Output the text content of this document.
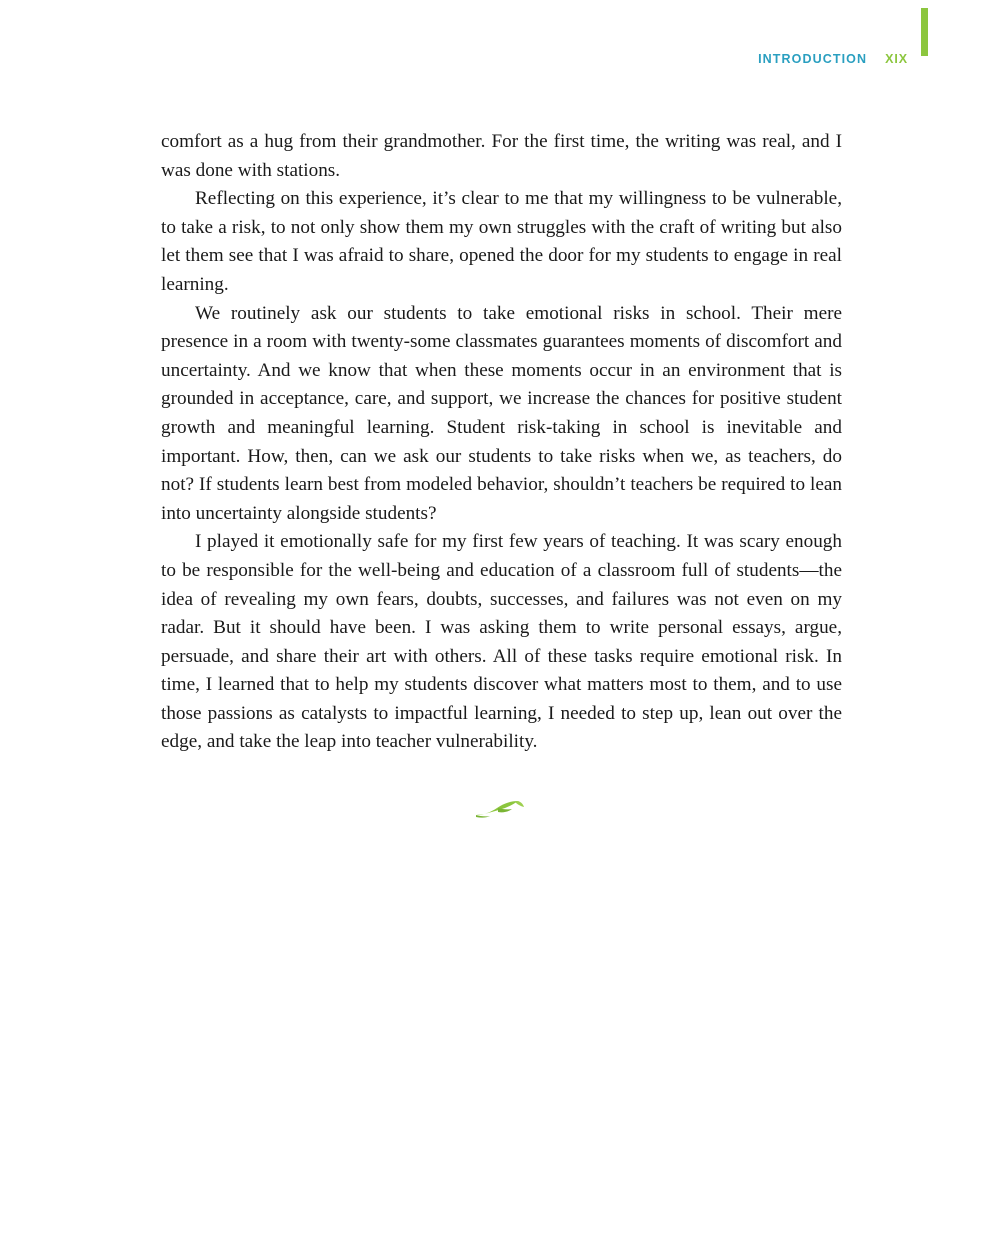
INTRODUCTION XIX

comfort as a hug from their grandmother. For the first time, the writing was real, and I was done with stations.

Reflecting on this experience, it’s clear to me that my willingness to be vulnerable, to take a risk, to not only show them my own struggles with the craft of writing but also let them see that I was afraid to share, opened the door for my students to engage in real learning.

We routinely ask our students to take emotional risks in school. Their mere presence in a room with twenty-some classmates guarantees moments of discomfort and uncertainty. And we know that when these moments occur in an environment that is grounded in acceptance, care, and support, we increase the chances for positive student growth and meaningful learning. Student risk-taking in school is inevitable and important. How, then, can we ask our students to take risks when we, as teachers, do not? If students learn best from modeled behavior, shouldn’t teachers be required to lean into uncertainty alongside students?

I played it emotionally safe for my first few years of teaching. It was scary enough to be responsible for the well-being and education of a classroom full of students—the idea of revealing my own fears, doubts, successes, and failures was not even on my radar. But it should have been. I was asking them to write personal essays, argue, persuade, and share their art with others. All of these tasks require emotional risk. In time, I learned that to help my students discover what matters most to them, and to use those passions as catalysts to impactful learning, I needed to step up, lean out over the edge, and take the leap into teacher vulnerability.
